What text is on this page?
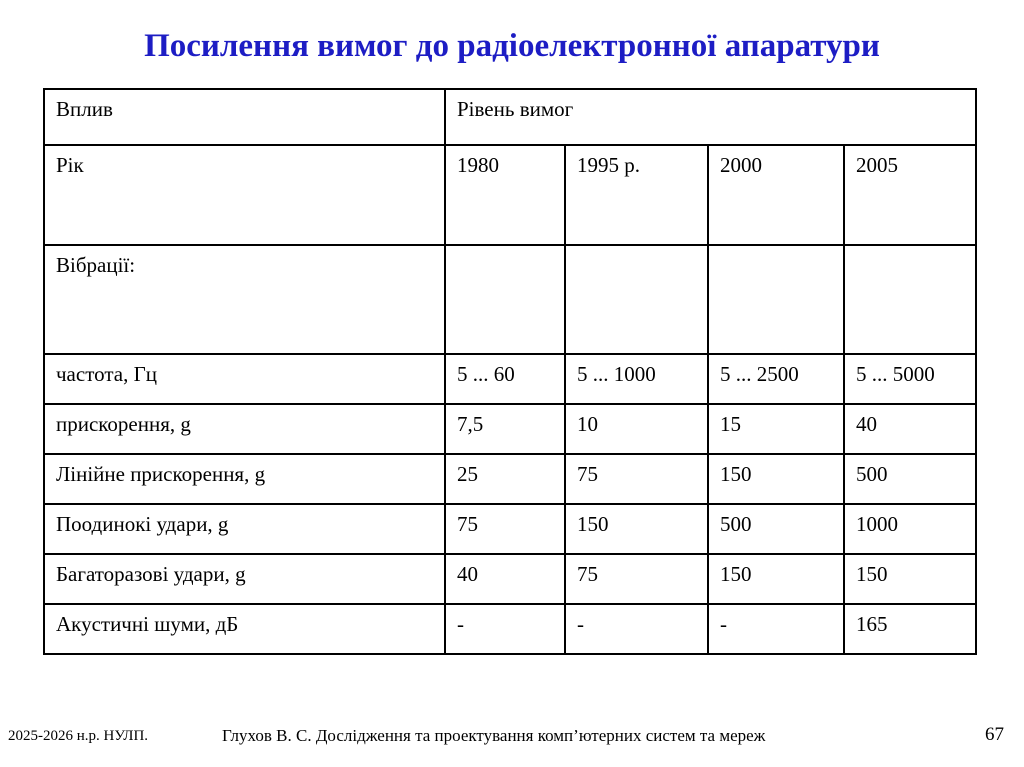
Посилення вимог до радіоелектронної апаратури
Вплив	Рівень вимог			
Рік	1980	1995 р.	2000	2005
Вібрації:				
частота, Гц	5 ... 60	5 ... 1000	5 ... 2500	5 ... 5000
прискорення, g	7,5	10	15	40
Лінійне прискорення, g	25	75	150	500
Поодинокі удари, g	75	150	500	1000
Багаторазові удари, g	40	75	150	150
Акустичні шуми, дБ	-	-	-	165
2025-2026 н.р. НУЛП.	Глухов В. С. Дослідження та проектування комп’ютерних систем та мереж	67
